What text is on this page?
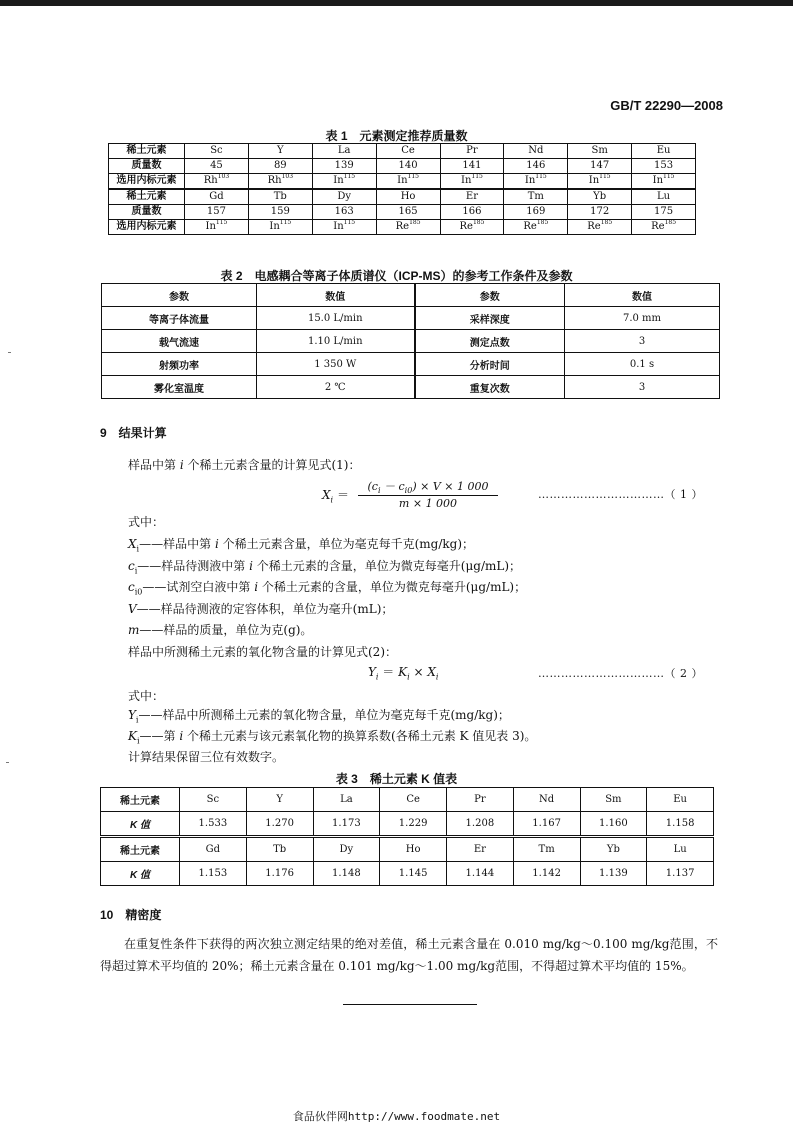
GB/T 22290—2008
表 1　元素测定推荐质量数
稀土元素	Sc	Y	La	Ce	Pr	Nd	Sm	Eu
质量数	45	89	139	140	141	146	147	153
选用内标元素	Rh$^{103}$	Rh$^{103}$	In$^{115}$	In$^{115}$	In$^{115}$	In$^{115}$	In$^{115}$	In$^{115}$
稀土元素	Gd	Tb	Dy	Ho	Er	Tm	Yb	Lu
质量数	157	159	163	165	166	169	172	175
选用内标元素	In$^{115}$	In$^{115}$	In$^{115}$	Re$^{185}$	Re$^{185}$	Re$^{185}$	Re$^{185}$	Re$^{185}$
表 2　电感耦合等离子体质谱仪（ICP-MS）的参考工作条件及参数
参数	数值	参数	数值
等离子体流量	15.0 L/min	采样深度	7.0 mm
载气流速	1.10 L/min	测定点数	3
射频功率	1 350 W	分析时间	0.1 s
雾化室温度	2 ℃	重复次数	3
9　结果计算
样品中第 i 个稀土元素含量的计算见式(1)：
$X_i = \frac{(c_i - c_{i0}) \times V \times 1 000}{m \times 1 000}$	……………………………（ 1 ）
式中：
$X_i——$样品中第 i 个稀土元素含量，单位为毫克每千克(mg/kg)；
$c_i——$样品待测液中第 i 个稀土元素的含量，单位为微克每毫升(μg/mL)；
$c_{i0}——$试剂空白液中第 i 个稀土元素的含量，单位为微克每毫升(μg/mL)；
V——样品待测液的定容体积，单位为毫升(mL)；
m——样品的质量，单位为克(g)。
样品中所测稀土元素的氧化物含量的计算见式(2)：
$Y_i = K_i \times X_i$	……………………………（ 2 ）
式中：
$Y_i——$样品中所测稀土元素的氧化物含量，单位为毫克每千克(mg/kg)；
$K_i——$第 i 个稀土元素与该元素氧化物的换算系数(各稀土元素 K 值见表 3)。
计算结果保留三位有效数字。
表 3　稀土元素 K 值表
稀土元素	Sc	Y	La	Ce	Pr	Nd	Sm	Eu
K 值	1.533	1.270	1.173	1.229	1.208	1.167	1.160	1.158
稀土元素	Gd	Tb	Dy	Ho	Er	Tm	Yb	Lu
K 值	1.153	1.176	1.148	1.145	1.144	1.142	1.139	1.137
10　精密度
在重复性条件下获得的两次独立测定结果的绝对差值，稀土元素含量在 0.010 mg/kg～0.100 mg/kg范围，不得超过算术平均值的 20%；稀土元素含量在 0.101 mg/kg～1.00 mg/kg范围，不得超过算术平均值的 15%。
食品伙伴网http://www.foodmate.net
